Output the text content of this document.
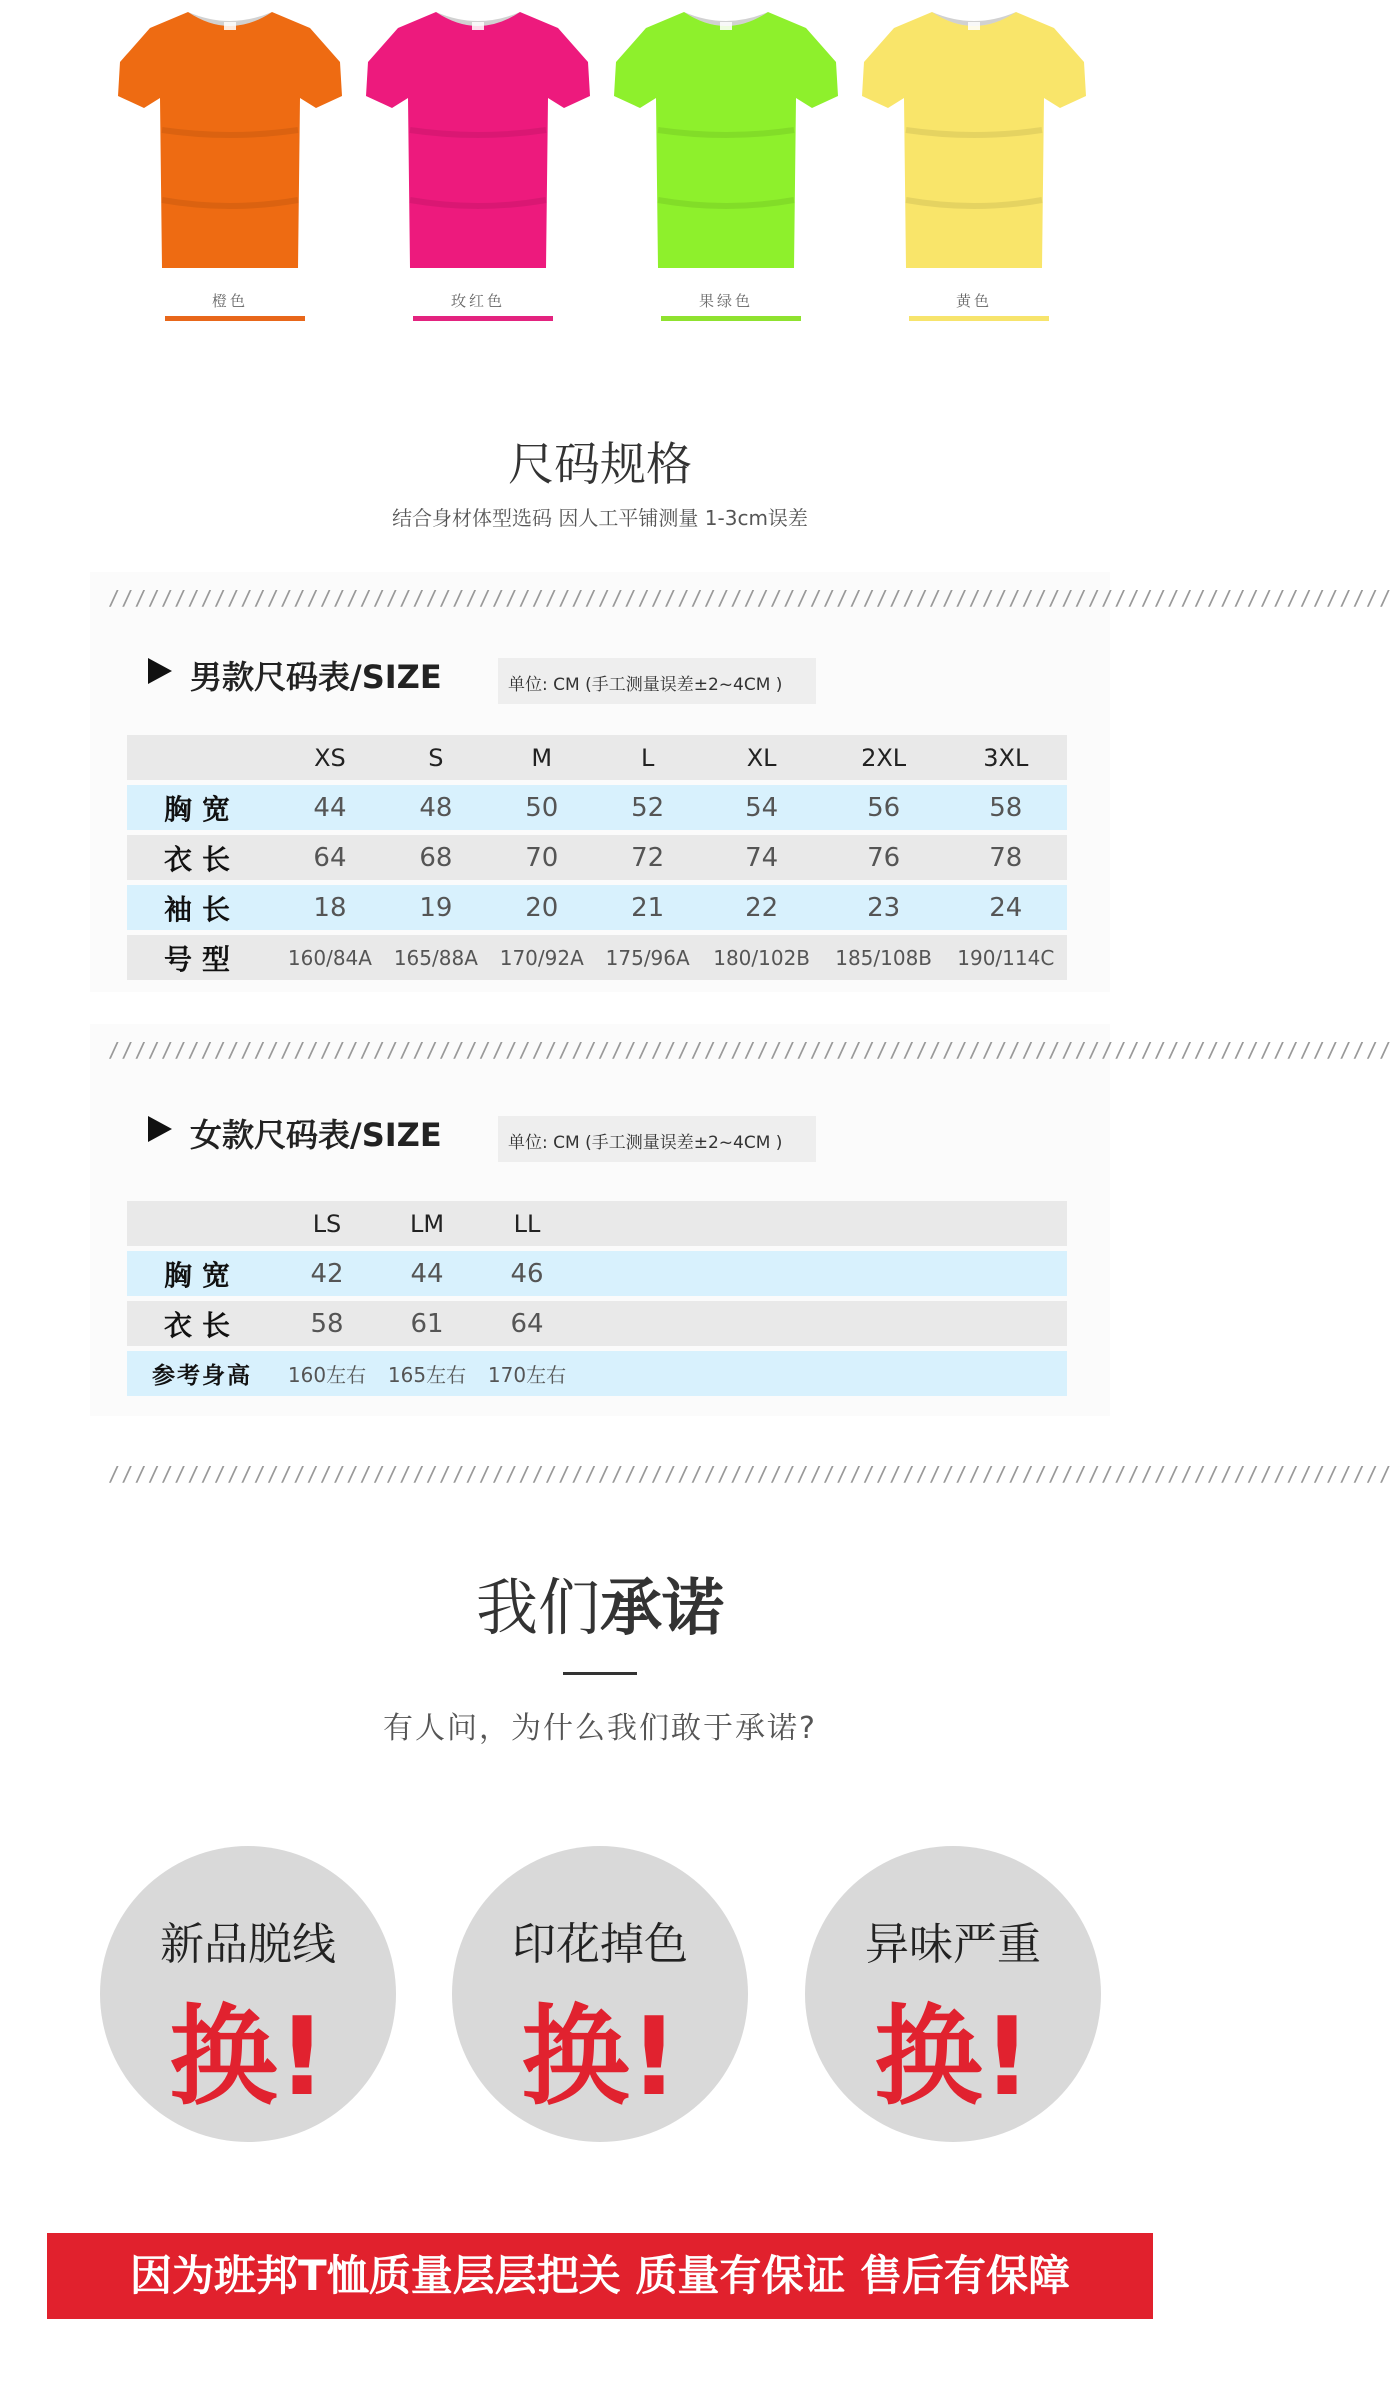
橙色	玫红色	果绿色	黄色
尺码规格
结合身材体型选码 因人工平铺测量 1-3cm误差
/////////////////////////////////////////////////////////////////////////////////////////////////
男款尺码表/SIZE	单位: CM (手工测量误差±2~4CM )
	XS	S	M	L	XL	2XL	3XL	
胸宽	44	48	50	52	54	56	58	
衣长	64	68	70	72	74	76	78	
袖长	18	19	20	21	22	23	24	
号型	160/84A	165/88A	170/92A	175/96A	180/102B	185/108B	190/114C	
/////////////////////////////////////////////////////////////////////////////////////////////////
女款尺码表/SIZE	单位: CM (手工测量误差±2~4CM )
	LS	LM	LL	
胸宽	42	44	46	
衣长	58	61	64	
参考身高	160左右	165左右	170左右	
/////////////////////////////////////////////////////////////////////////////////////////////////
我们承诺
有人问，为什么我们敢于承诺?
新品脱线
换!
印花掉色
换!
异味严重
换!
因为班邦T恤质量层层把关 质量有保证 售后有保障
